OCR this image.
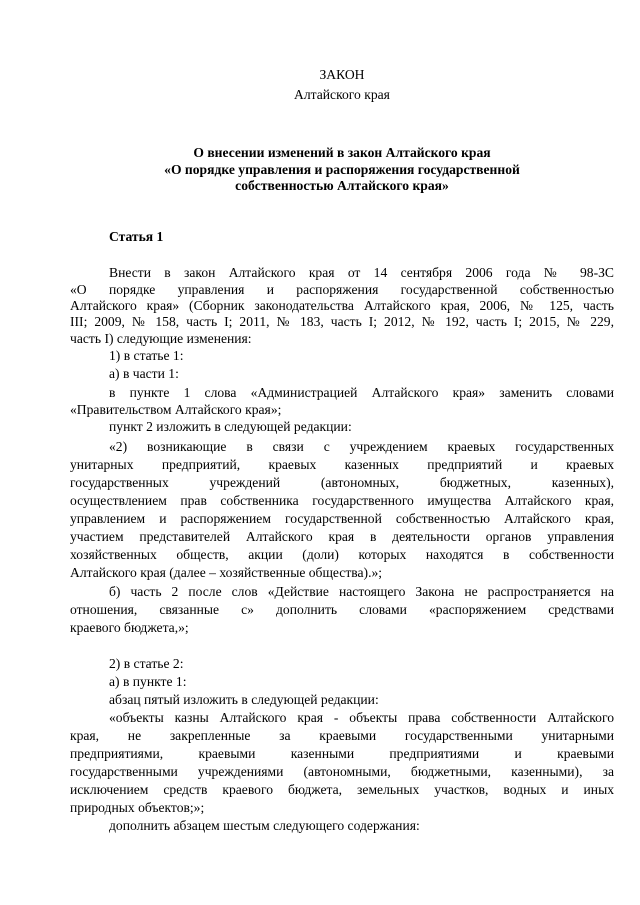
ЗАКОН
Алтайского края
О внесении изменений в закон Алтайского края
«О порядке управления и распоряжения государственной
собственностью Алтайского края»
Статья 1
Внести в закон Алтайского края от 14 сентября 2006 года № 98-ЗС
«О порядке управления и распоряжения государственной собственностью
Алтайского края» (Сборник законодательства Алтайского края, 2006, № 125, часть
III; 2009, № 158, часть I; 2011, № 183, часть I; 2012, № 192, часть I; 2015, № 229,
часть I) следующие изменения:
1) в статье 1:
а) в части 1:
в пункте 1 слова «Администрацией Алтайского края» заменить словами
«Правительством Алтайского края»;
пункт 2 изложить в следующей редакции:
«2) возникающие в связи с учреждением краевых государственных
унитарных предприятий, краевых казенных предприятий и краевых
государственных учреждений (автономных, бюджетных, казенных),
осуществлением прав собственника государственного имущества Алтайского края,
управлением и распоряжением государственной собственностью Алтайского края,
участием представителей Алтайского края в деятельности органов управления
хозяйственных обществ, акции (доли) которых находятся в собственности
Алтайского края (далее – хозяйственные общества).»;
б) часть 2 после слов «Действие настоящего Закона не распространяется на
отношения, связанные с» дополнить словами «распоряжением средствами
краевого бюджета,»;
2) в статье 2:
а) в пункте 1:
абзац пятый изложить в следующей редакции:
«объекты казны Алтайского края - объекты права собственности Алтайского
края, не закрепленные за краевыми государственными унитарными
предприятиями, краевыми казенными предприятиями и краевыми
государственными учреждениями (автономными, бюджетными, казенными), за
исключением средств краевого бюджета, земельных участков, водных и иных
природных объектов;»;
дополнить абзацем шестым следующего содержания:
